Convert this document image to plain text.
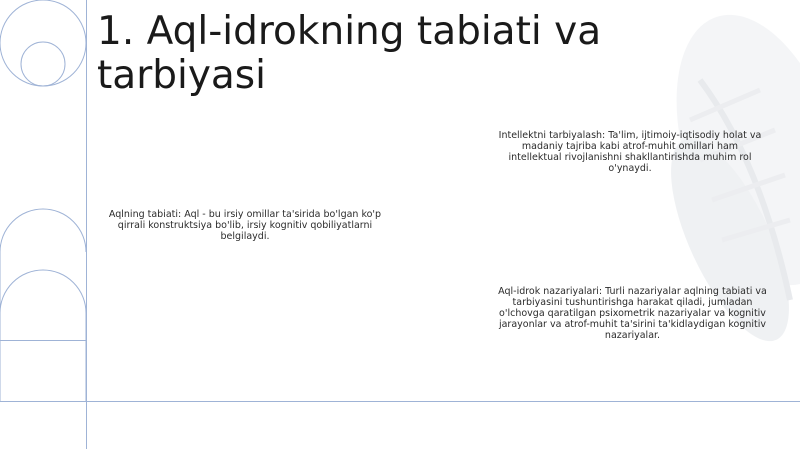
1. Aql-idrokning tabiati va tarbiyasi

Aqlning tabiati: Aql - bu irsiy omillar ta'sirida bo'lgan ko'p qirrali konstruktsiya bo'lib, irsiy kognitiv qobiliyatlarni belgilaydi.

Intellektni tarbiyalash: Ta'lim, ijtimoiy-iqtisodiy holat va madaniy tajriba kabi atrof-muhit omillari ham intellektual rivojlanishni shakllantirishda muhim rol o'ynaydi.

Aql-idrok nazariyalari: Turli nazariyalar aqlning tabiati va tarbiyasini tushuntirishga harakat qiladi, jumladan o'lchovga qaratilgan psixometrik nazariyalar va kognitiv jarayonlar va atrof-muhit ta'sirini ta'kidlaydigan kognitiv nazariyalar.
